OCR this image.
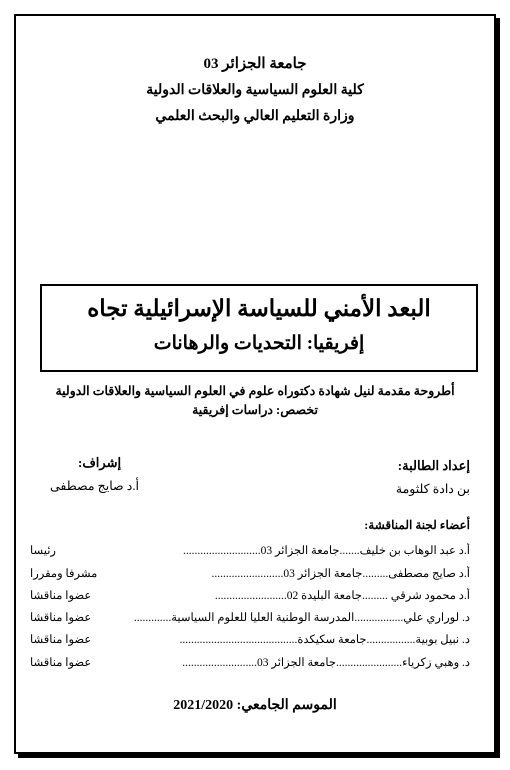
جامعة الجزائر 03
كلية العلوم السياسية والعلاقات الدولية
وزارة التعليم العالي والبحث العلمي
البعد الأمني للسياسة الإسرائيلية تجاه
إفريقيا: التحديات والرهانات
أطروحة مقدمة لنيل شهادة دكتوراه علوم في العلوم السياسية والعلاقات الدولية
تخصص: دراسات إفريقية
إعداد الطالبة:
بن دادة كلثومة
إشراف:
أ.د صايج مصطفى
أعضاء لجنة المناقشة:
أ.د عبد الوهاب بن خليف.......جامعة الجزائر 03...........................
رئيسا
أ.د صايج مصطفى.........جامعة الجزائر 03.........................
مشرفا ومقررا
أ.د محمود شرقي .........جامعة البليدة 02.........................
عضوا مناقشا
د. لوراري علي.................المدرسة الوطنية العليا للعلوم السياسية.............
عضوا مناقشا
د. نبيل بوبية.................جامعة سكيكدة.........................................
عضوا مناقشا
د. وهبي زكرياء.......................جامعة الجزائر 03..........................
عضوا مناقشا
الموسم الجامعي: 2021/2020
